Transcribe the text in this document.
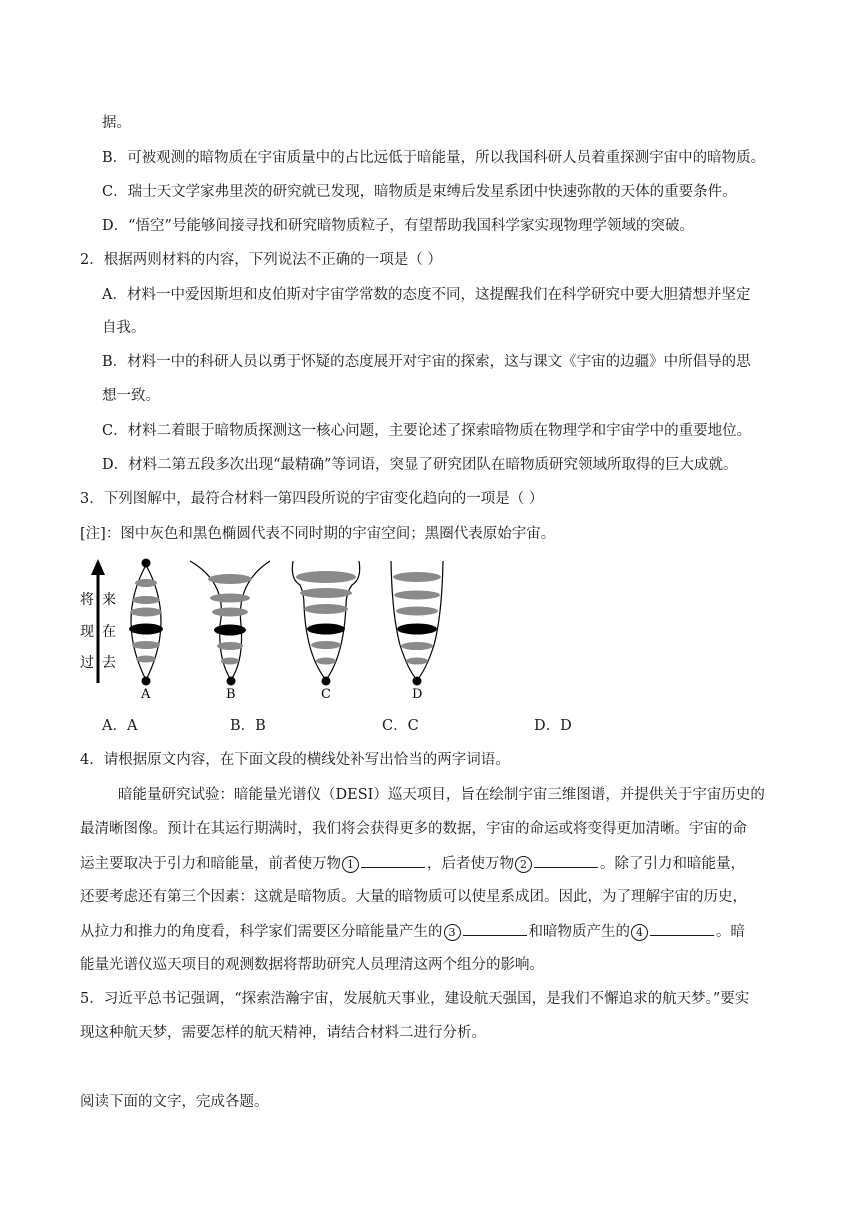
据。
B．可被观测的暗物质在宇宙质量中的占比远低于暗能量，所以我国科研人员着重探测宇宙中的暗物质。
C．瑞士天文学家弗里茨的研究就已发现，暗物质是束缚后发星系团中快速弥散的天体的重要条件。
D．“悟空”号能够间接寻找和研究暗物质粒子，有望帮助我国科学家实现物理学领域的突破。
2．根据两则材料的内容，下列说法不正确的一项是（ ）
A．材料一中爱因斯坦和皮伯斯对宇宙学常数的态度不同，这提醒我们在科学研究中要大胆猜想并坚定
自我。
B．材料一中的科研人员以勇于怀疑的态度展开对宇宙的探索，这与课文《宇宙的边疆》中所倡导的思
想一致。
C．材料二着眼于暗物质探测这一核心问题，主要论述了探索暗物质在物理学和宇宙学中的重要地位。
D．材料二第五段多次出现“最精确”等词语，突显了研究团队在暗物质研究领域所取得的巨大成就。
3．下列图解中，最符合材料一第四段所说的宇宙变化趋向的一项是（ ）
[注]：图中灰色和黑色椭圆代表不同时期的宇宙空间；黑圈代表原始宇宙。
将
现
过
来
在
去
A	B	C	D
A．A	B．B	C．C	D．D
4．请根据原文内容，在下面文段的横线处补写出恰当的两字词语。
暗能量研究试验：暗能量光谱仪（DESI）巡天项目，旨在绘制宇宙三维图谱，并提供关于宇宙历史的
最清晰图像。预计在其运行期满时，我们将会获得更多的数据，宇宙的命运或将变得更加清晰。宇宙的命
运主要取决于引力和暗能量，前者使万物 1	，后者使万物 2	。除了引力和暗能量，
还要考虑还有第三个因素：这就是暗物质。大量的暗物质可以使星系成团。因此，为了理解宇宙的历史，
从拉力和推力的角度看，科学家们需要区分暗能量产生的 3	和暗物质产生的 4	。暗
能量光谱仪巡天项目的观测数据将帮助研究人员理清这两个组分的影响。
5．习近平总书记强调，“探索浩瀚宇宙，发展航天事业，建设航天强国，是我们不懈追求的航天梦。”要实
现这种航天梦，需要怎样的航天精神，请结合材料二进行分析。
阅读下面的文字，完成各题。
